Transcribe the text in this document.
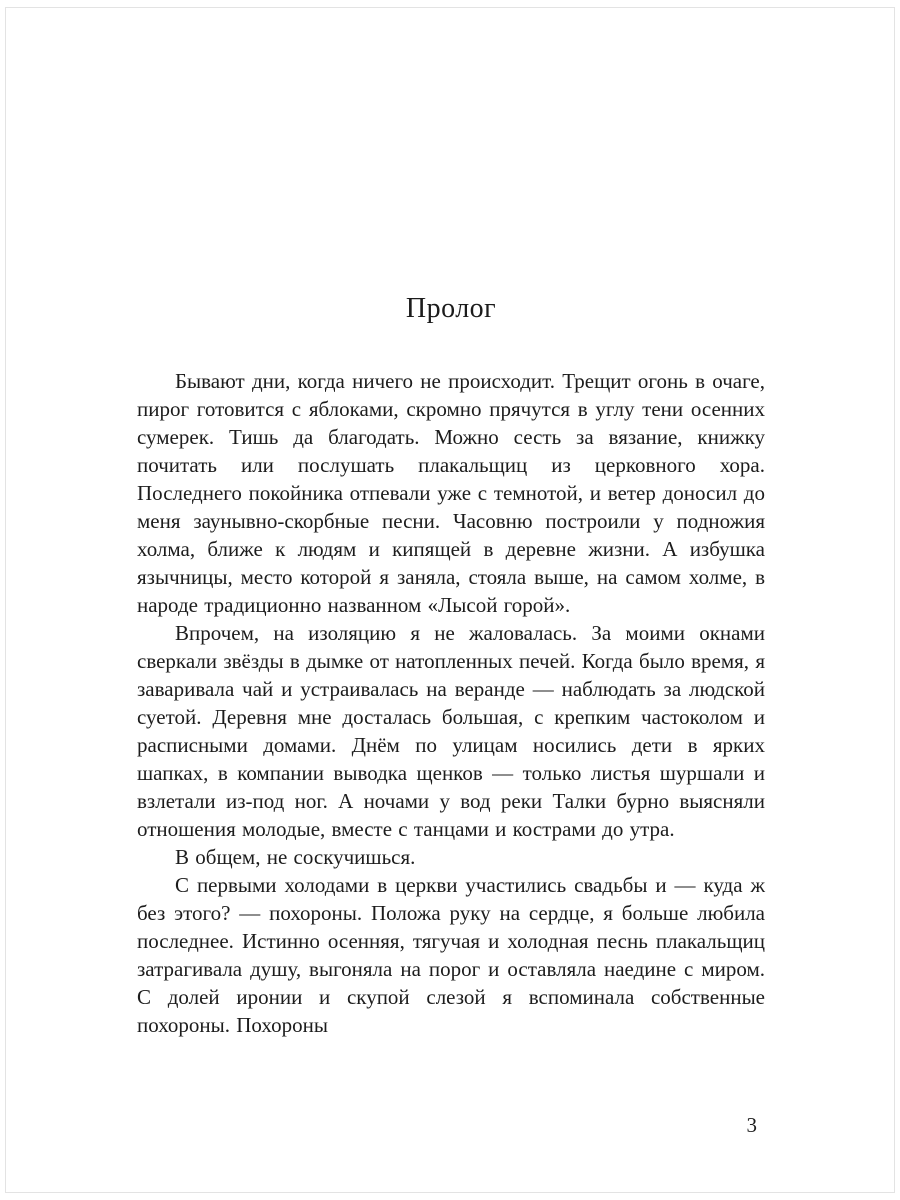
Пролог

Бывают дни, когда ничего не происходит. Трещит огонь в очаге, пирог готовится с яблоками, скромно прячутся в углу тени осенних сумерек. Тишь да благодать. Можно сесть за вязание, книжку почитать или послушать плакальщиц из церковного хора. Последнего покойника отпевали уже с темнотой, и ветер доносил до меня заунывно-скорбные песни. Часовню построили у подножия холма, ближе к людям и кипящей в деревне жизни. А избушка язычницы, место которой я заняла, стояла выше, на самом холме, в народе традиционно названном «Лысой горой».

Впрочем, на изоляцию я не жаловалась. За моими окнами сверкали звёзды в дымке от натопленных печей. Когда было время, я заваривала чай и устраивалась на веранде — наблюдать за людской суетой. Деревня мне досталась большая, с крепким частоколом и расписными домами. Днём по улицам носились дети в ярких шапках, в компании выводка щенков — только листья шуршали и взлетали из-под ног. А ночами у вод реки Талки бурно выясняли отношения молодые, вместе с танцами и кострами до утра.

В общем, не соскучишься.

С первыми холодами в церкви участились свадьбы и — куда ж без этого? — похороны. Положа руку на сердце, я больше любила последнее. Истинно осенняя, тягучая и холодная песнь плакальщиц затрагивала душу, выгоняла на порог и оставляла наедине с миром. С долей иронии и скупой слезой я вспоминала собственные похороны. Похороны

3
